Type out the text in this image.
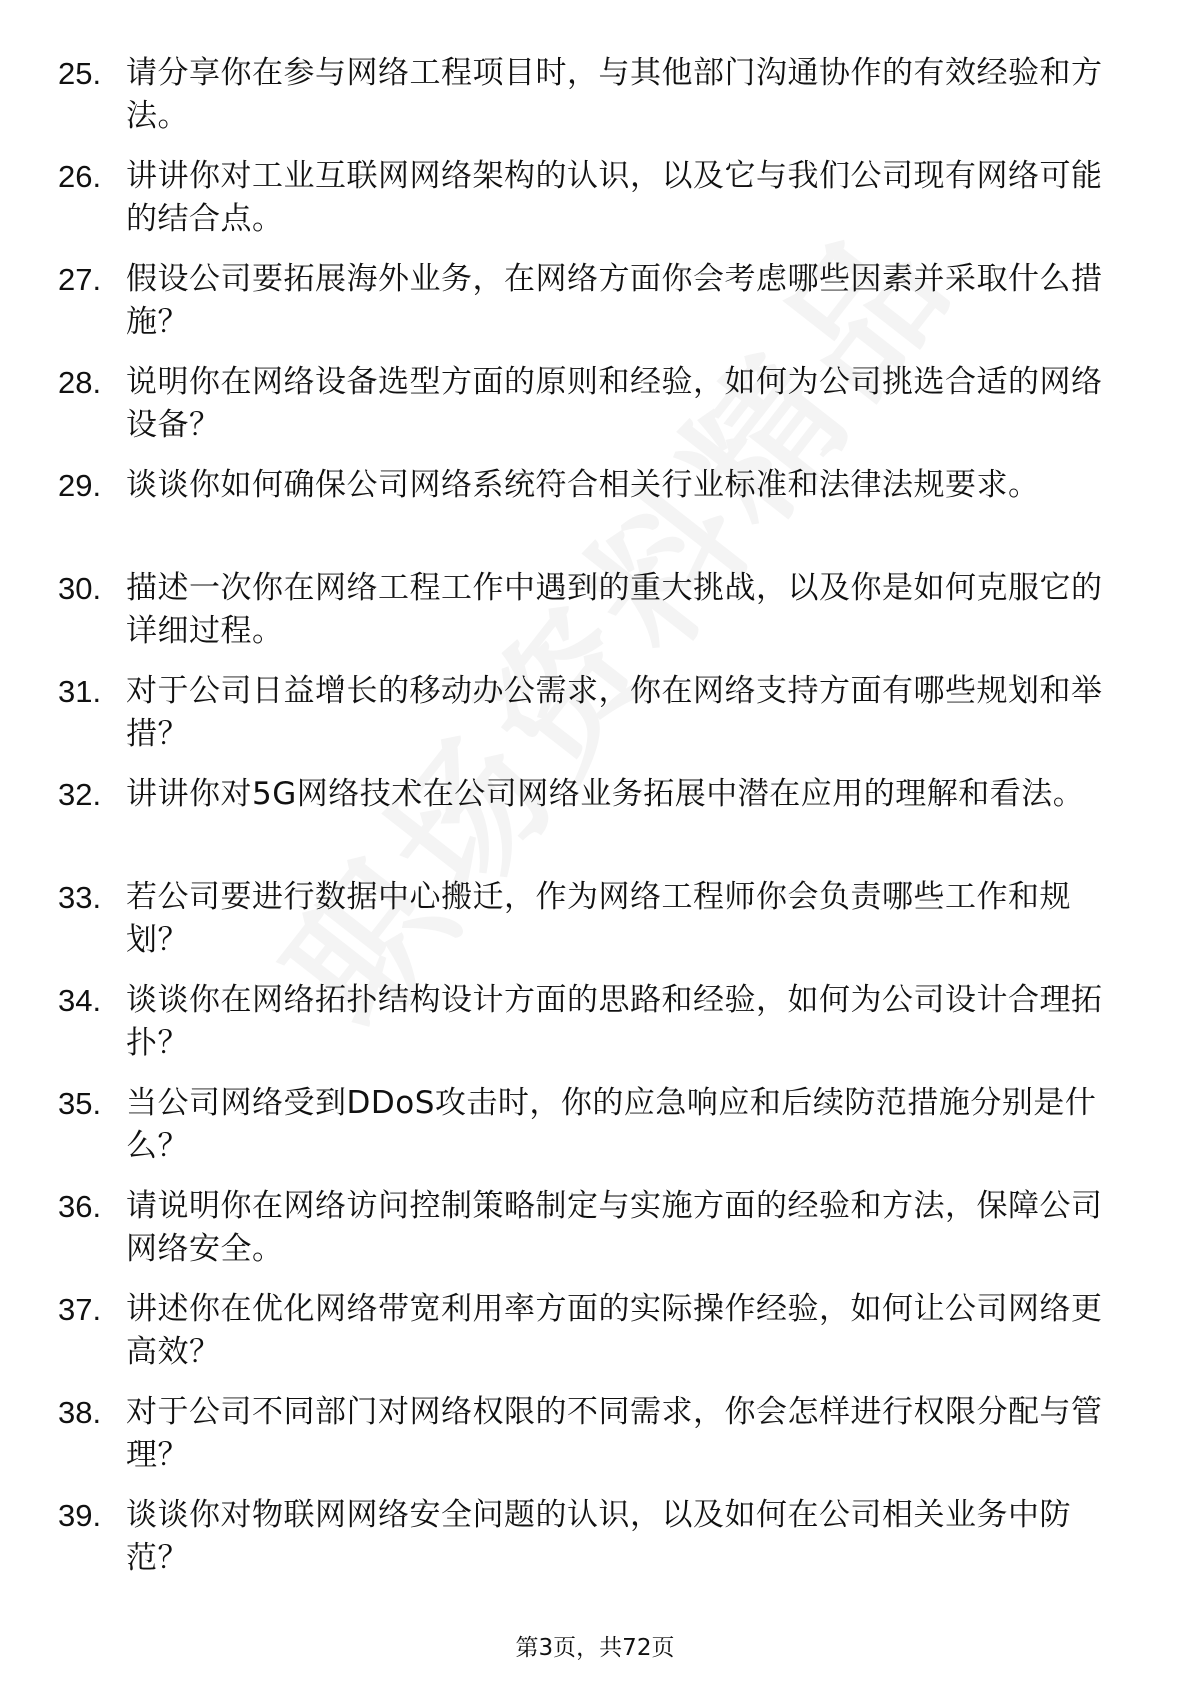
25. 请分享你在参与网络工程项目时，与其他部门沟通协作的有效经验和方法。
26. 讲讲你对工业互联网网络架构的认识，以及它与我们公司现有网络可能的结合点。
27. 假设公司要拓展海外业务，在网络方面你会考虑哪些因素并采取什么措施？
28. 说明你在网络设备选型方面的原则和经验，如何为公司挑选合适的网络设备？
29. 谈谈你如何确保公司网络系统符合相关行业标准和法律法规要求。
30. 描述一次你在网络工程工作中遇到的重大挑战，以及你是如何克服它的详细过程。
31. 对于公司日益增长的移动办公需求，你在网络支持方面有哪些规划和举措？
32. 讲讲你对5G网络技术在公司网络业务拓展中潜在应用的理解和看法。
33. 若公司要进行数据中心搬迁，作为网络工程师你会负责哪些工作和规划？
34. 谈谈你在网络拓扑结构设计方面的思路和经验，如何为公司设计合理拓扑？
35. 当公司网络受到DDoS攻击时，你的应急响应和后续防范措施分别是什么？
36. 请说明你在网络访问控制策略制定与实施方面的经验和方法，保障公司网络安全。
37. 讲述你在优化网络带宽利用率方面的实际操作经验，如何让公司网络更高效？
38. 对于公司不同部门对网络权限的不同需求，你会怎样进行权限分配与管理？
39. 谈谈你对物联网网络安全问题的认识，以及如何在公司相关业务中防范？
第3页，共72页
